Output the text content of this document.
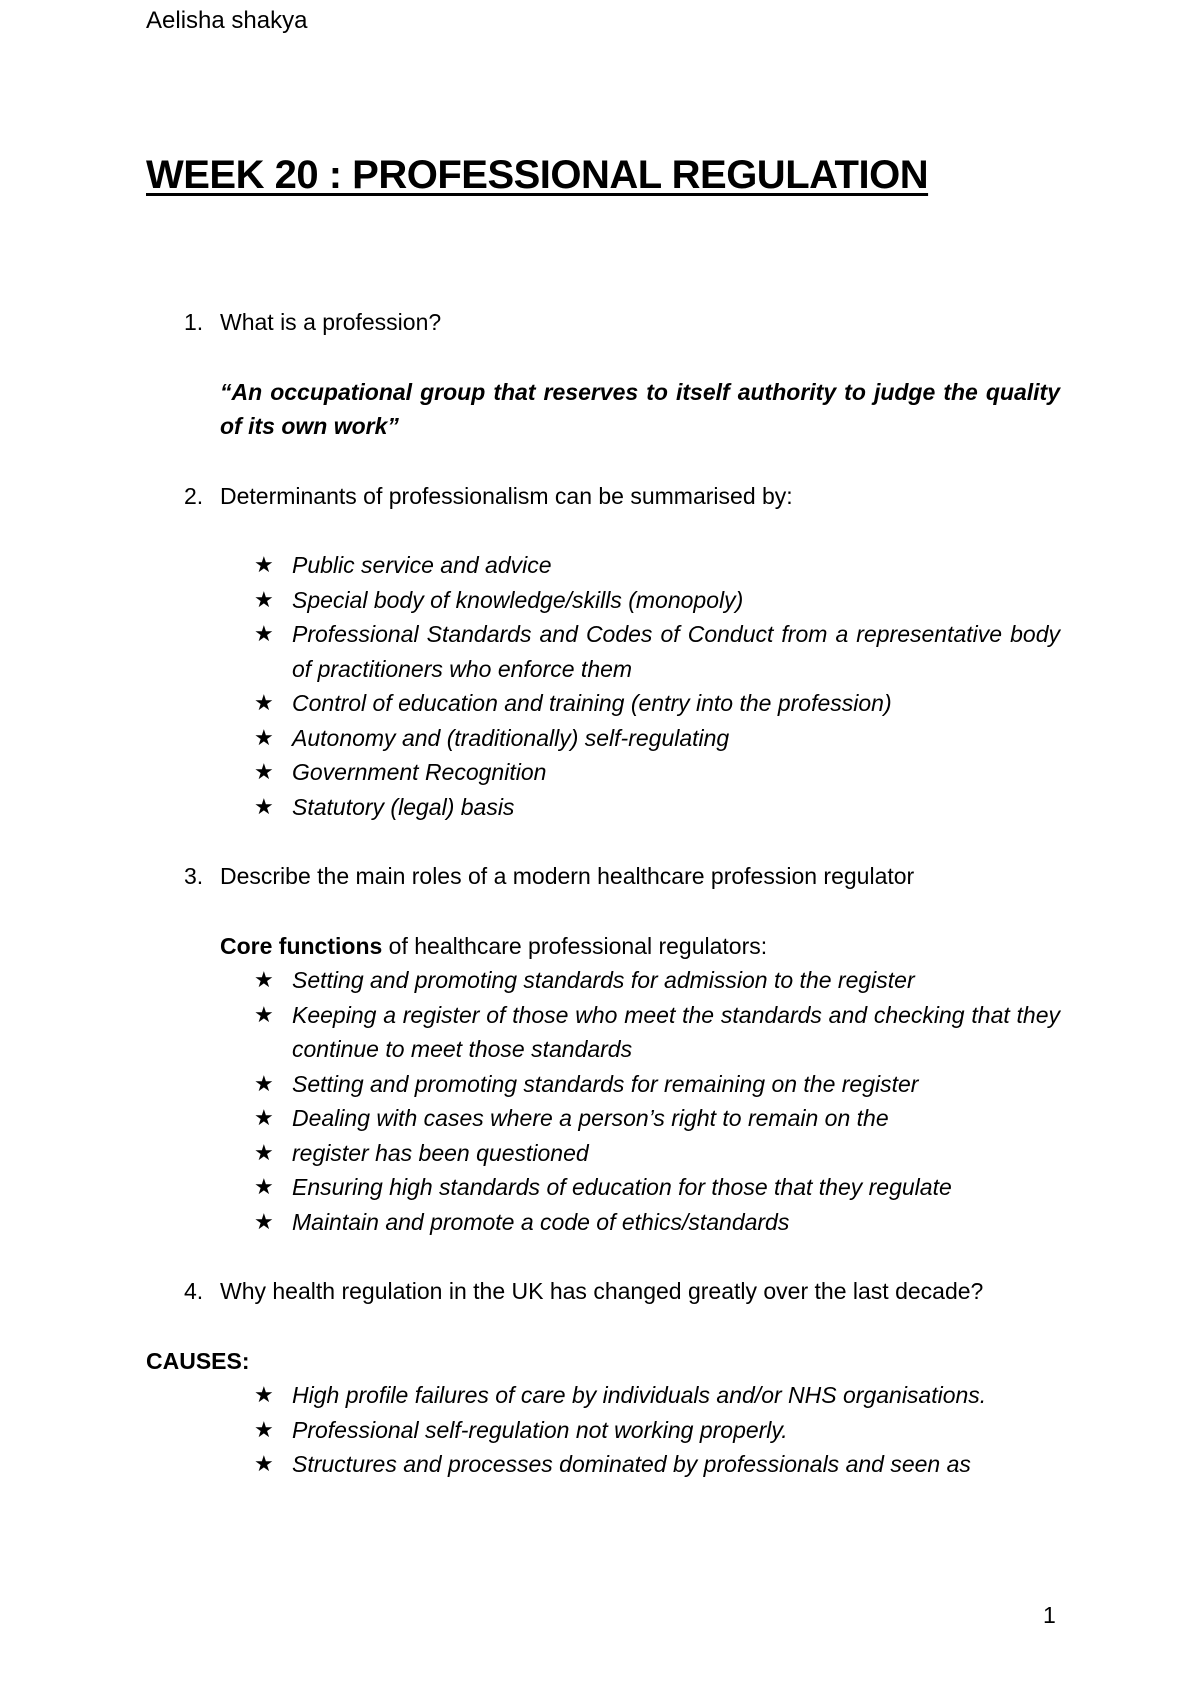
Aelisha shakya
WEEK 20 : PROFESSIONAL REGULATION

1. What is a profession?

“An occupational group that reserves to itself authority to judge the quality of its own work”

2. Determinants of professionalism can be summarised by:

★ Public service and advice
★ Special body of knowledge/skills (monopoly)
★ Professional Standards and Codes of Conduct from a representative body of practitioners who enforce them
★ Control of education and training (entry into the profession)
★ Autonomy and (traditionally) self-regulating
★ Government Recognition
★ Statutory (legal) basis

3. Describe the main roles of a modern healthcare profession regulator

Core functions of healthcare professional regulators:

★ Setting and promoting standards for admission to the register
★ Keeping a register of those who meet the standards and checking that they continue to meet those standards
★ Setting and promoting standards for remaining on the register
★ Dealing with cases where a person’s right to remain on the
★ register has been questioned
★ Ensuring high standards of education for those that they regulate
★ Maintain and promote a code of ethics/standards

4. Why health regulation in the UK has changed greatly over the last decade?

CAUSES:

★ High profile failures of care by individuals and/or NHS organisations.
★ Professional self-regulation not working properly.
★ Structures and processes dominated by professionals and seen as
1
